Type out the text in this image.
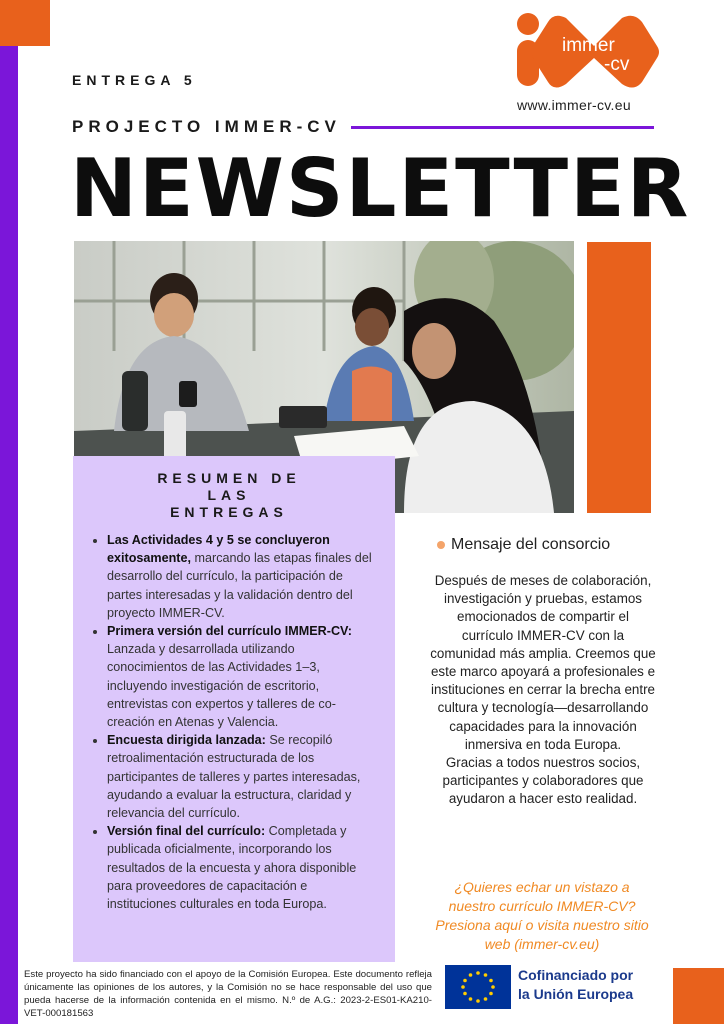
ENTREGA 5
PROJECTO IMMER-CV
NEWSLETTER
immer
-cv
www.immer-cv.eu
RESUMEN DE
LAS
ENTREGAS
• Las Actividades 4 y 5 se concluyeron exitosamente, marcando las etapas finales del desarrollo del currículo, la participación de partes interesadas y la validación dentro del proyecto IMMER-CV.
• Primera versión del currículo IMMER-CV: Lanzada y desarrollada utilizando conocimientos de las Actividades 1–3, incluyendo investigación de escritorio, entrevistas con expertos y talleres de co-creación en Atenas y Valencia.
• Encuesta dirigida lanzada: Se recopiló retroalimentación estructurada de los participantes de talleres y partes interesadas, ayudando a evaluar la estructura, claridad y relevancia del currículo.
• Versión final del currículo: Completada y publicada oficialmente, incorporando los resultados de la encuesta y ahora disponible para proveedores de capacitación e instituciones culturales en toda Europa.
Mensaje del consorcio

Después de meses de colaboración, investigación y pruebas, estamos emocionados de compartir el currículo IMMER-CV con la comunidad más amplia. Creemos que este marco apoyará a profesionales e instituciones en cerrar la brecha entre cultura y tecnología—desarrollando capacidades para la innovación inmersiva en toda Europa.

Gracias a todos nuestros socios, participantes y colaboradores que ayudaron a hacer esto realidad.

¿Quieres echar un vistazo a nuestro currículo IMMER-CV? Presiona aquí o visita nuestro sitio web (immer-cv.eu)
Este proyecto ha sido financiado con el apoyo de la Comisión Europea. Este documento refleja únicamente las opiniones de los autores, y la Comisión no se hace responsable del uso que pueda hacerse de la información contenida en el mismo. N.º de A.G.: 2023-2-ES01-KA210-VET-000181563
Cofinanciado por
la Unión Europea
